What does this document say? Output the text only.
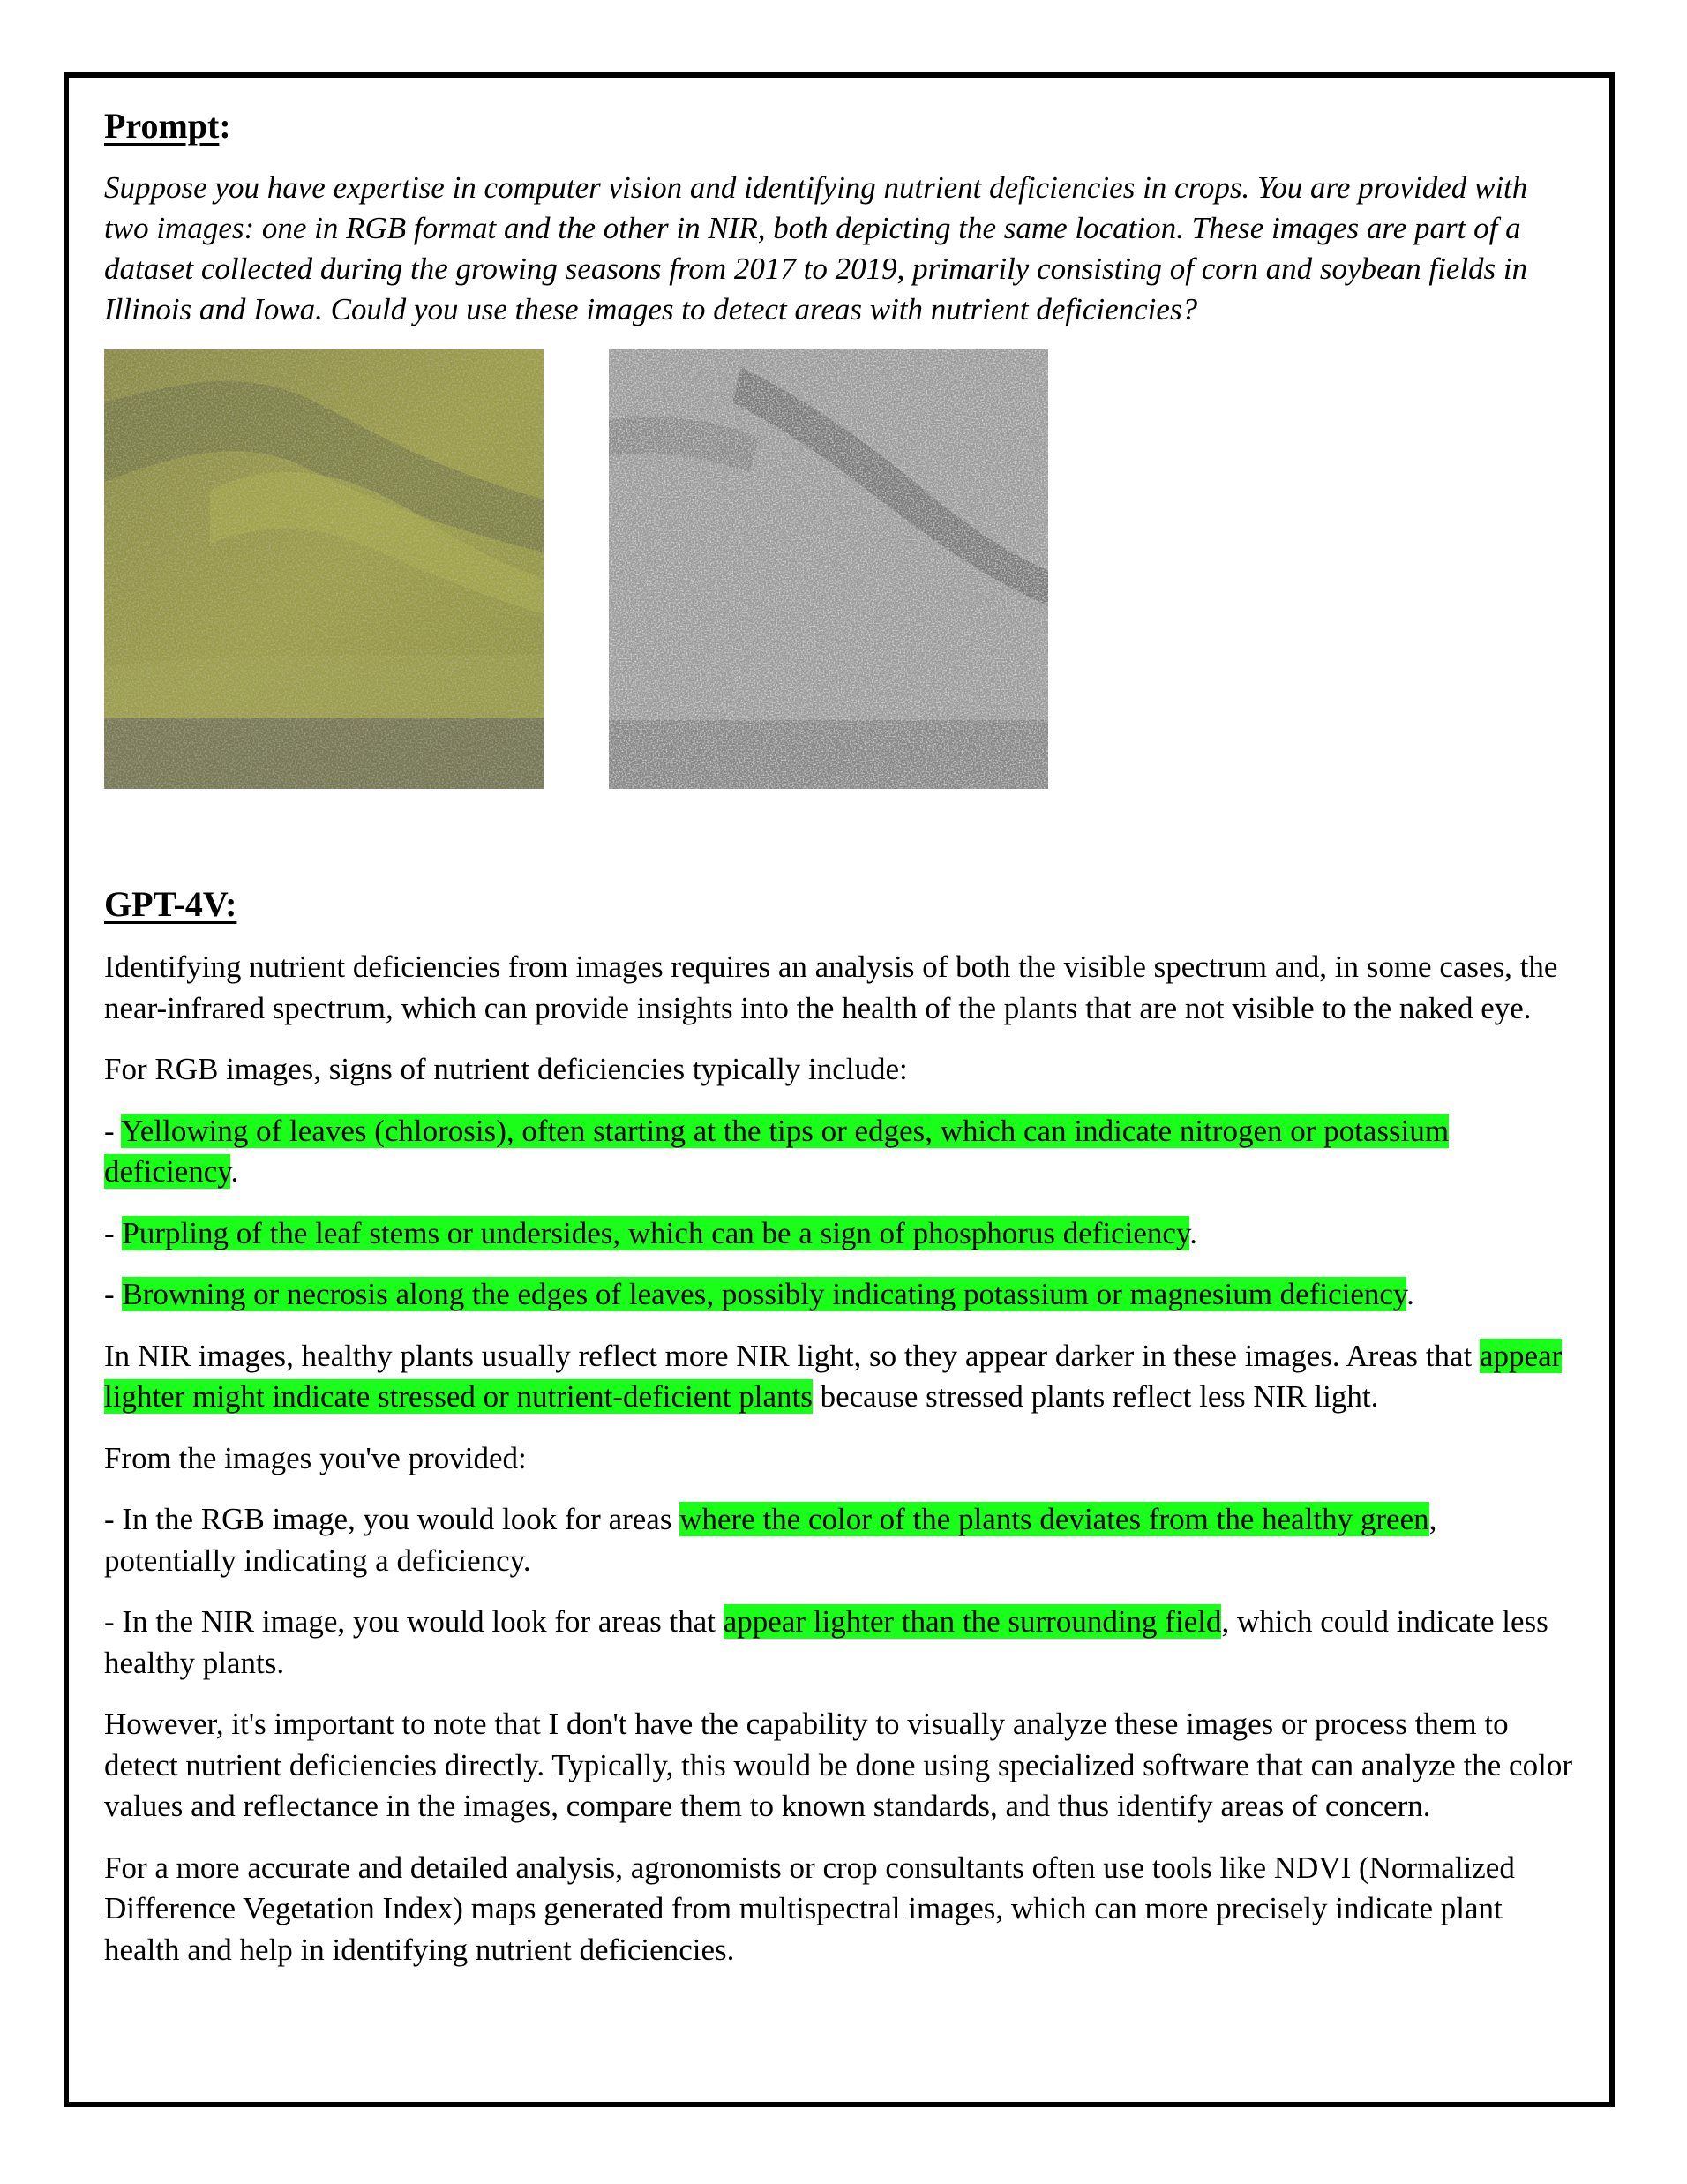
Prompt:

Suppose you have expertise in computer vision and identifying nutrient deficiencies in crops. You are provided with two images: one in RGB format and the other in NIR, both depicting the same location. These images are part of a dataset collected during the growing seasons from 2017 to 2019, primarily consisting of corn and soybean fields in Illinois and Iowa. Could you use these images to detect areas with nutrient deficiencies?

GPT-4V:

Identifying nutrient deficiencies from images requires an analysis of both the visible spectrum and, in some cases, the near-infrared spectrum, which can provide insights into the health of the plants that are not visible to the naked eye.

For RGB images, signs of nutrient deficiencies typically include:

- Yellowing of leaves (chlorosis), often starting at the tips or edges, which can indicate nitrogen or potassium deficiency.

- Purpling of the leaf stems or undersides, which can be a sign of phosphorus deficiency.

- Browning or necrosis along the edges of leaves, possibly indicating potassium or magnesium deficiency.

In NIR images, healthy plants usually reflect more NIR light, so they appear darker in these images. Areas that appear lighter might indicate stressed or nutrient-deficient plants because stressed plants reflect less NIR light.

From the images you've provided:

- In the RGB image, you would look for areas where the color of the plants deviates from the healthy green, potentially indicating a deficiency.

- In the NIR image, you would look for areas that appear lighter than the surrounding field, which could indicate less healthy plants.

However, it's important to note that I don't have the capability to visually analyze these images or process them to detect nutrient deficiencies directly. Typically, this would be done using specialized software that can analyze the color values and reflectance in the images, compare them to known standards, and thus identify areas of concern.

For a more accurate and detailed analysis, agronomists or crop consultants often use tools like NDVI (Normalized Difference Vegetation Index) maps generated from multispectral images, which can more precisely indicate plant health and help in identifying nutrient deficiencies.
